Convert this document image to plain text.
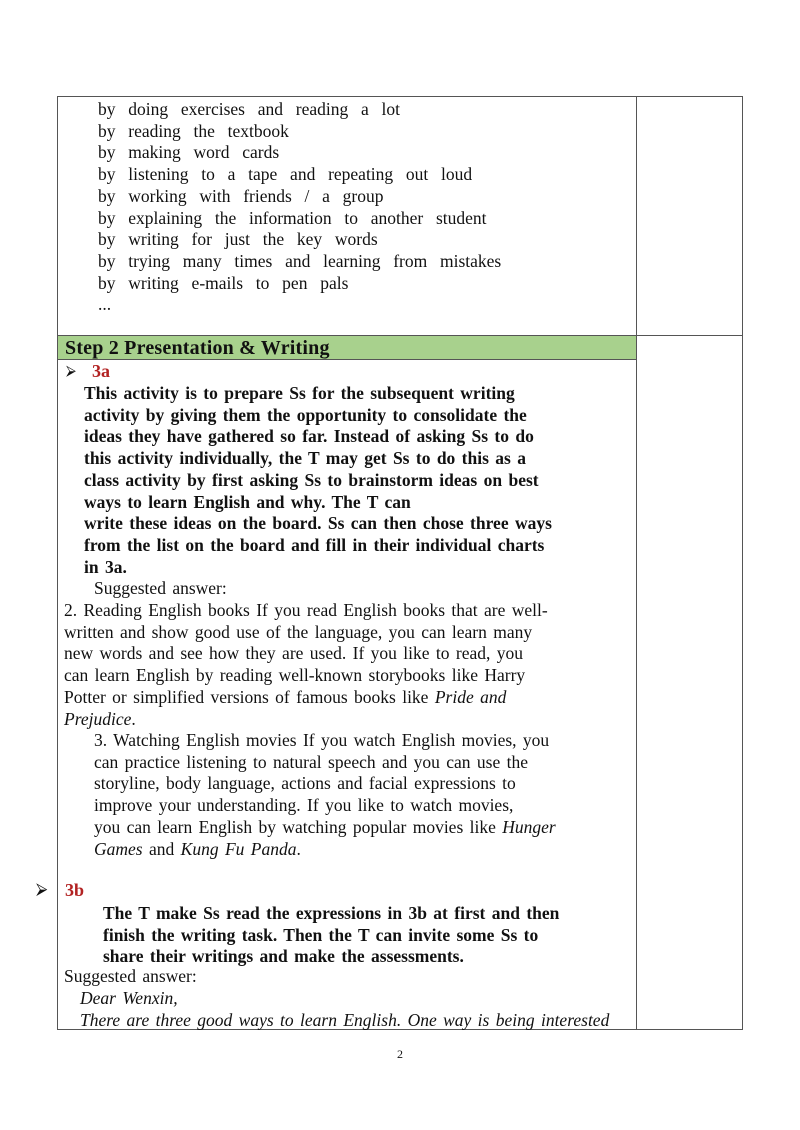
by  doing  exercises  and  reading  a  lot
by  reading  the  textbook
by  making  word  cards
by  listening  to  a  tape  and  repeating  out  loud
by  working  with  friends  /  a  group
by  explaining  the  information  to  another  student
by  writing  for  just  the  key  words
by  trying  many  times  and  learning  from  mistakes
by  writing  e-mails  to  pen  pals
...
Step 2 Presentation & Writing
⮚ 3a
This activity is to prepare Ss for the subsequent writing
activity by giving them the opportunity to consolidate the
ideas they have gathered so far. Instead of asking Ss to do
this activity individually, the T may get Ss to do this as a
class activity by first asking Ss to brainstorm ideas on best
ways to learn English and why. The T can
write these ideas on the board. Ss can then chose three ways
from the list on the board and fill in their individual charts
in 3a.
Suggested answer:
2. Reading English books If you read English books that are well-
written and show good use of the language, you can learn many
new words and see how they are used. If you like to read, you
can learn English by reading well-known storybooks like Harry
Potter or simplified versions of famous books like Pride and
Prejudice.
3. Watching English movies If you watch English movies, you
can practice listening to natural speech and you can use the
storyline, body language, actions and facial expressions to
improve your understanding. If you like to watch movies,
you can learn English by watching popular movies like Hunger
Games and Kung Fu Panda.
3b
The T make Ss read the expressions in 3b at first and then
finish the writing task. Then the T can invite some Ss to
share their writings and make the assessments.
Suggested answer:
Dear Wenxin,
There are three good ways to learn English. One way is being interested
⮚
2
